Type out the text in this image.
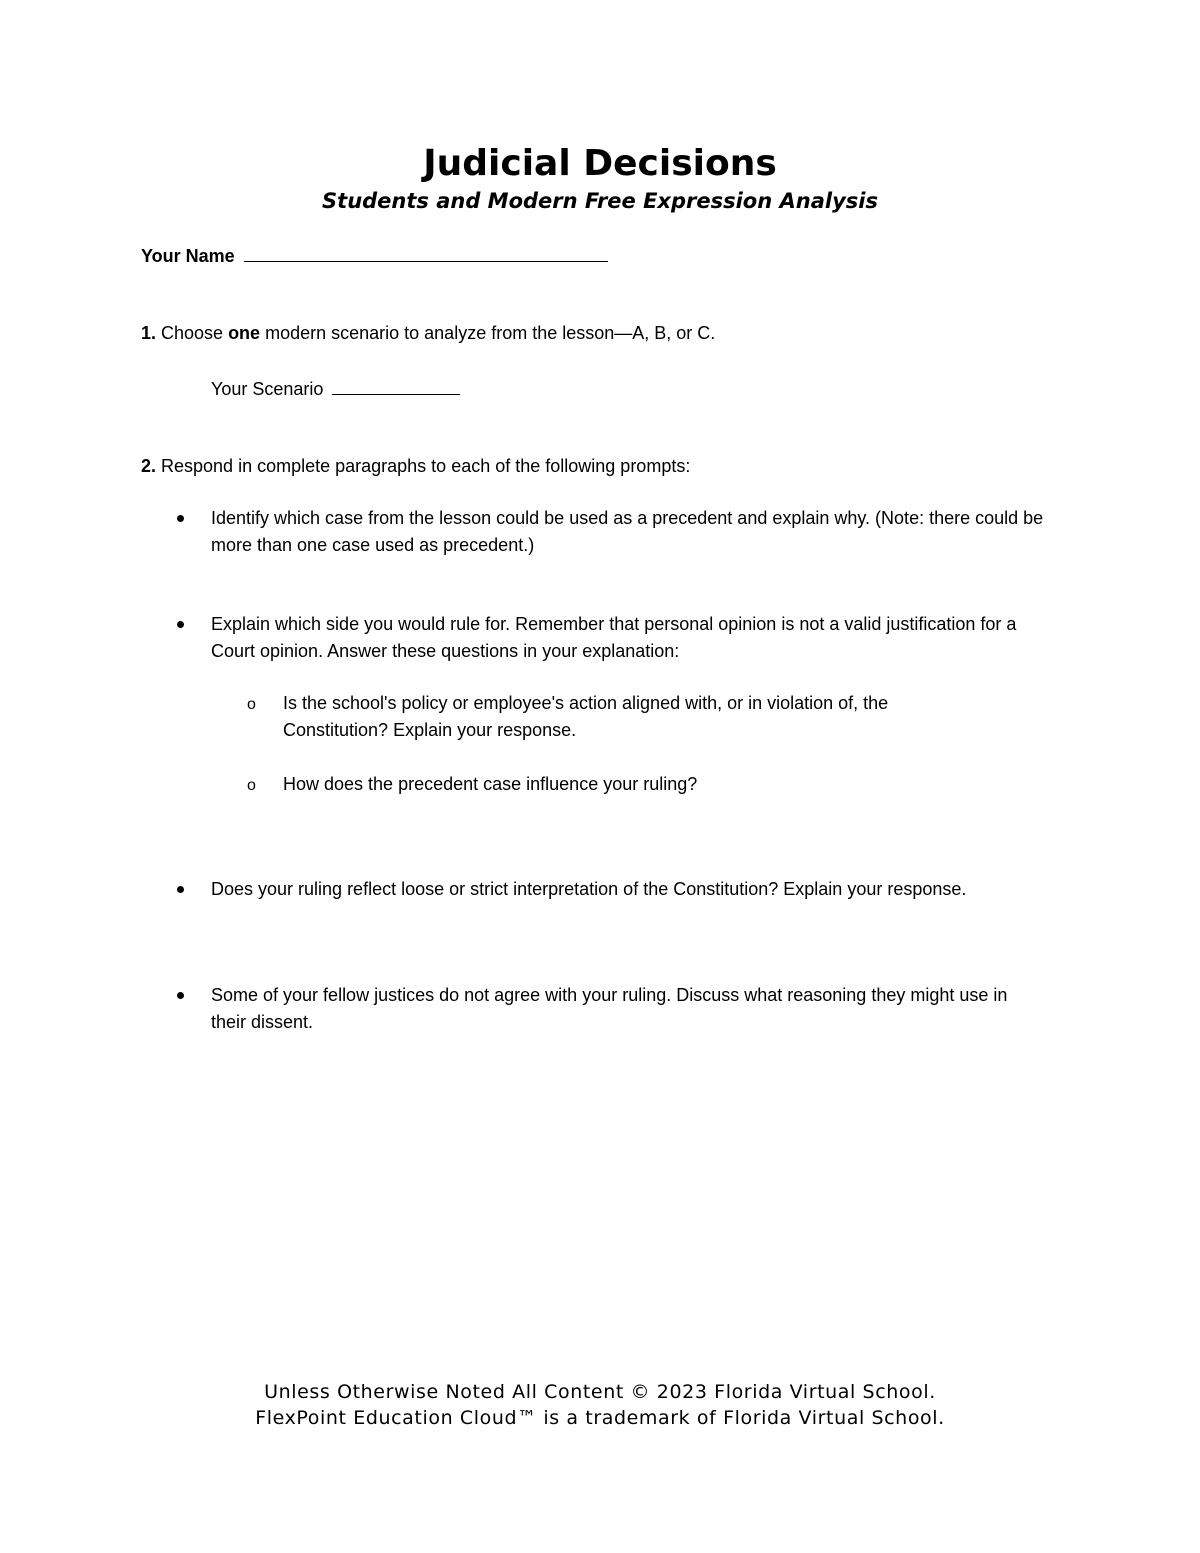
Judicial Decisions
Students and Modern Free Expression Analysis
Your Name
1. Choose one modern scenario to analyze from the lesson—A, B, or C.
Your Scenario
2. Respond in complete paragraphs to each of the following prompts:
Identify which case from the lesson could be used as a precedent and explain why. (Note: there could be more than one case used as precedent.)
Explain which side you would rule for. Remember that personal opinion is not a valid justification for a Court opinion. Answer these questions in your explanation:
o Is the school's policy or employee's action aligned with, or in violation of, the Constitution? Explain your response.
o How does the precedent case influence your ruling?
Does your ruling reflect loose or strict interpretation of the Constitution? Explain your response.
Some of your fellow justices do not agree with your ruling. Discuss what reasoning they might use in their dissent.
Unless Otherwise Noted All Content © 2023 Florida Virtual School.
FlexPoint Education Cloud™ is a trademark of Florida Virtual School.
